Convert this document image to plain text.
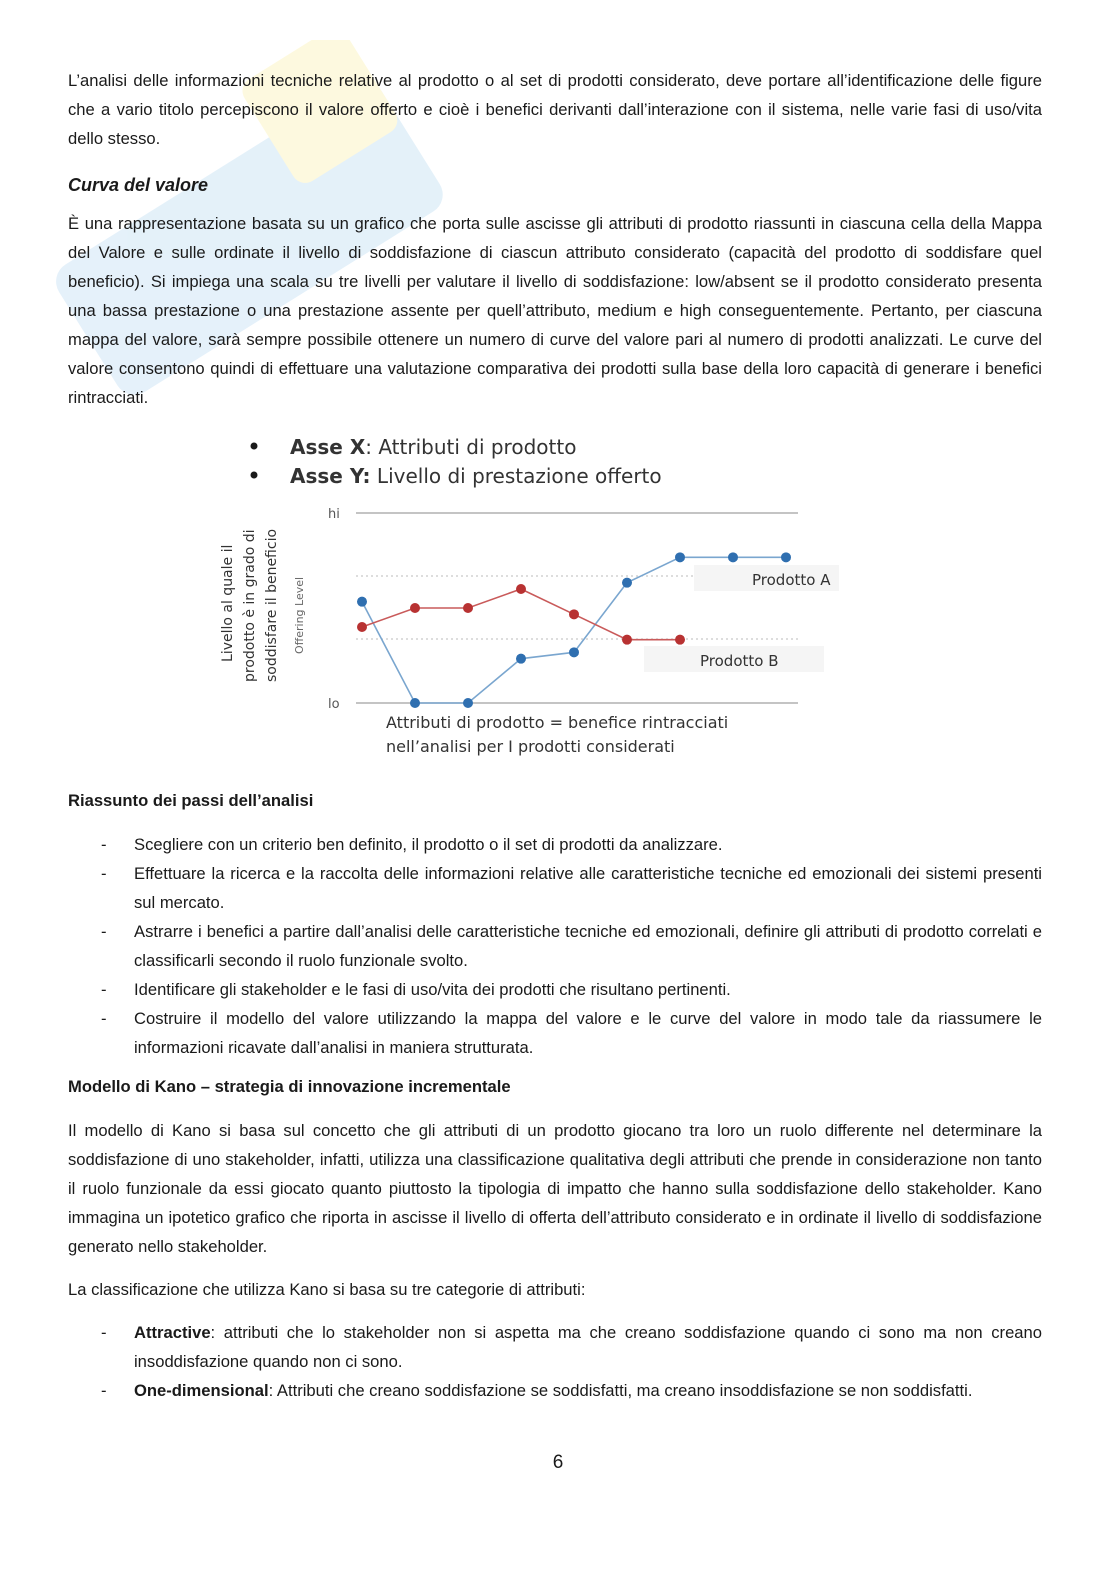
L’analisi delle informazioni tecniche relative al prodotto o al set di prodotti considerato, deve portare all’identificazione delle figure che a vario titolo percepiscono il valore offerto e cioè i benefici derivanti dall’interazione con il sistema, nelle varie fasi di uso/vita dello stesso.

Curva del valore

È una rappresentazione basata su un grafico che porta sulle ascisse gli attributi di prodotto riassunti in ciascuna cella della Mappa del Valore e sulle ordinate il livello di soddisfazione di ciascun attributo considerato (capacità del prodotto di soddisfare quel beneficio). Si impiega una scala su tre livelli per valutare il livello di soddisfazione: low/absent se il prodotto considerato presenta una bassa prestazione o una prestazione assente per quell’attributo, medium e high conseguentemente. Pertanto, per ciascuna mappa del valore, sarà sempre possibile ottenere un numero di curve del valore pari al numero di prodotti analizzati. Le curve del valore consentono quindi di effettuare una valutazione comparativa dei prodotti sulla base della loro capacità di generare i benefici rintracciati.

Asse X: Attributi di prodotto
Asse Y: Livello di prestazione offerto
Livello al quale il prodotto è in grado di soddisfare il beneficio Offering Level
hi
lo
Prodotto A
Prodotto B
Attributi di prodotto = benefice rintracciati
nell’analisi per I prodotti considerati
Riassunto dei passi dell’analisi
- Scegliere con un criterio ben definito, il prodotto o il set di prodotti da analizzare.
- Effettuare la ricerca e la raccolta delle informazioni relative alle caratteristiche tecniche ed emozionali dei sistemi presenti sul mercato.
- Astrarre i benefici a partire dall’analisi delle caratteristiche tecniche ed emozionali, definire gli attributi di prodotto correlati e classificarli secondo il ruolo funzionale svolto.
- Identificare gli stakeholder e le fasi di uso/vita dei prodotti che risultano pertinenti.
- Costruire il modello del valore utilizzando la mappa del valore e le curve del valore in modo tale da riassumere le informazioni ricavate dall’analisi in maniera strutturata.
Modello di Kano – strategia di innovazione incrementale

Il modello di Kano si basa sul concetto che gli attributi di un prodotto giocano tra loro un ruolo differente nel determinare la soddisfazione di uno stakeholder, infatti, utilizza una classificazione qualitativa degli attributi che prende in considerazione non tanto il ruolo funzionale da essi giocato quanto piuttosto la tipologia di impatto che hanno sulla soddisfazione dello stakeholder. Kano immagina un ipotetico grafico che riporta in ascisse il livello di offerta dell’attributo considerato e in ordinate il livello di soddisfazione generato nello stakeholder.

La classificazione che utilizza Kano si basa su tre categorie di attributi:

- Attractive: attributi che lo stakeholder non si aspetta ma che creano soddisfazione quando ci sono ma non creano insoddisfazione quando non ci sono.
- One-dimensional: Attributi che creano soddisfazione se soddisfatti, ma creano insoddisfazione se non soddisfatti.
6
